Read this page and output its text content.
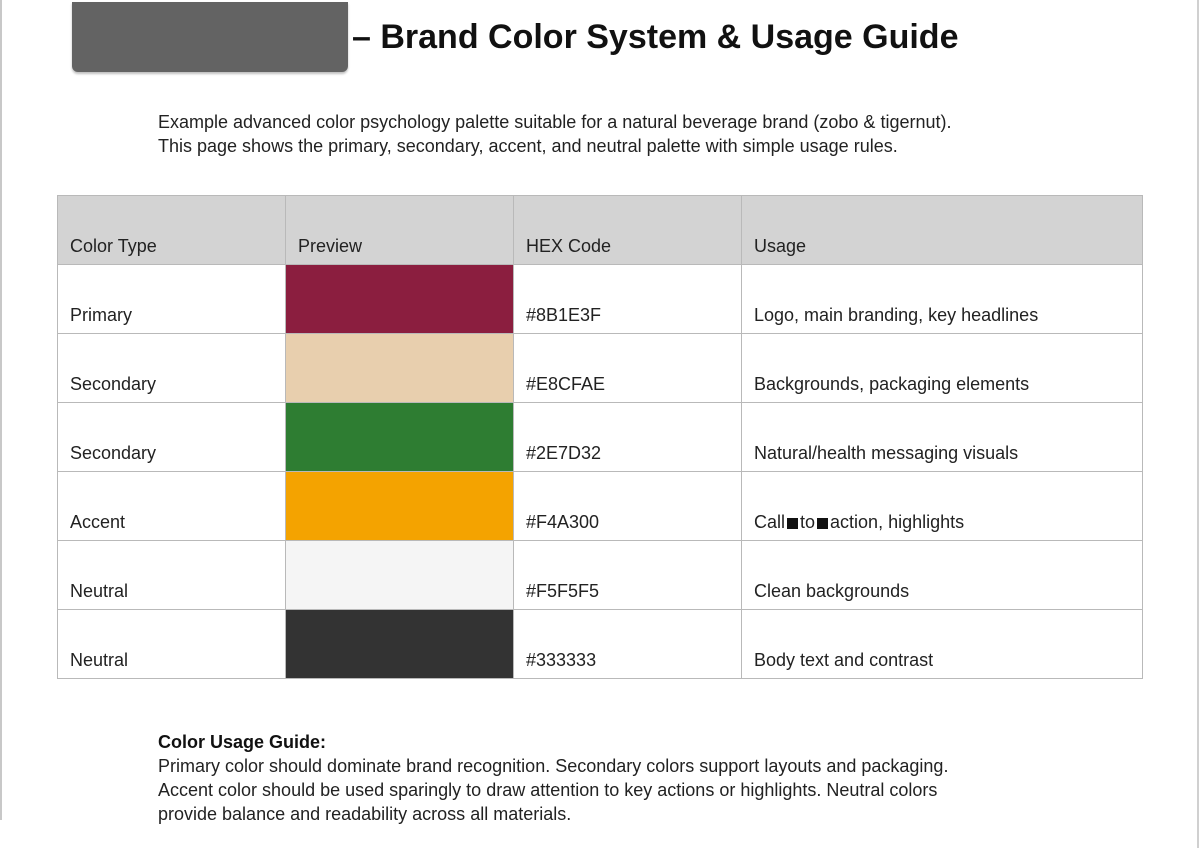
– Brand Color System & Usage Guide
Example advanced color psychology palette suitable for a natural beverage brand (zobo & tigernut).
This page shows the primary, secondary, accent, and neutral palette with simple usage rules.
Color Type	Preview	HEX Code	Usage
Primary		#8B1E3F	Logo, main branding, key headlines
Secondary		#E8CFAE	Backgrounds, packaging elements
Secondary		#2E7D32	Natural/health messaging visuals
Accent		#F4A300	Call to action, highlights
Neutral		#F5F5F5	Clean backgrounds
Neutral		#333333	Body text and contrast
Color Usage Guide:
Primary color should dominate brand recognition. Secondary colors support layouts and packaging.
Accent color should be used sparingly to draw attention to key actions or highlights. Neutral colors
provide balance and readability across all materials.
